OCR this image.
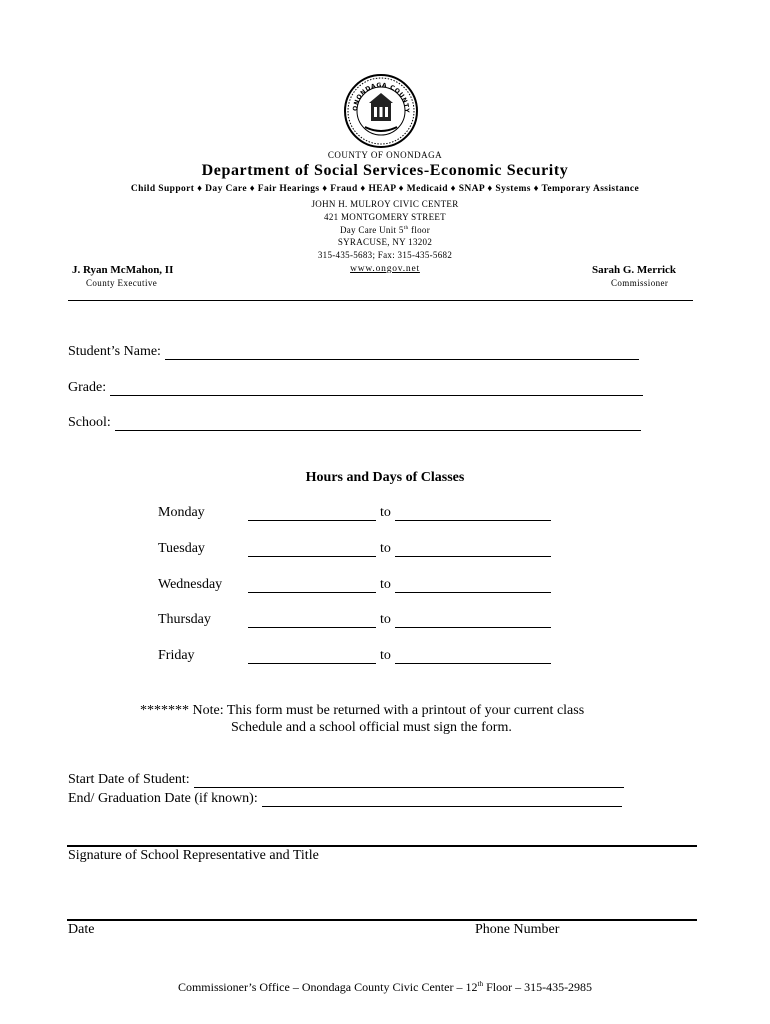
ONONDAGA COUNTY
COUNTY OF ONONDAGA
Department of Social Services-Economic Security
Child Support ♦ Day Care ♦ Fair Hearings ♦ Fraud ♦ HEAP ♦ Medicaid ♦ SNAP ♦ Systems ♦ Temporary Assistance
JOHN H. MULROY CIVIC CENTER
421 MONTGOMERY STREET
Day Care Unit 5th floor
SYRACUSE, NY 13202
315-435-5683; Fax: 315-435-5682
J. Ryan McMahon, II
County Executive
www.ongov.net	Sarah G. Merrick
Commissioner
Student’s Name:
Grade:
School:
Hours and Days of Classes
Monday	to
Tuesday	to
Wednesday	to
Thursday	to
Friday	to
******* Note: This form must be returned with a printout of your current class
Schedule and a school official must sign the form.
Start Date of Student:
End/ Graduation Date (if known):
Signature of School Representative and Title
Date	Phone Number
Commissioner’s Office – Onondaga County Civic Center – 12th Floor – 315-435-2985
